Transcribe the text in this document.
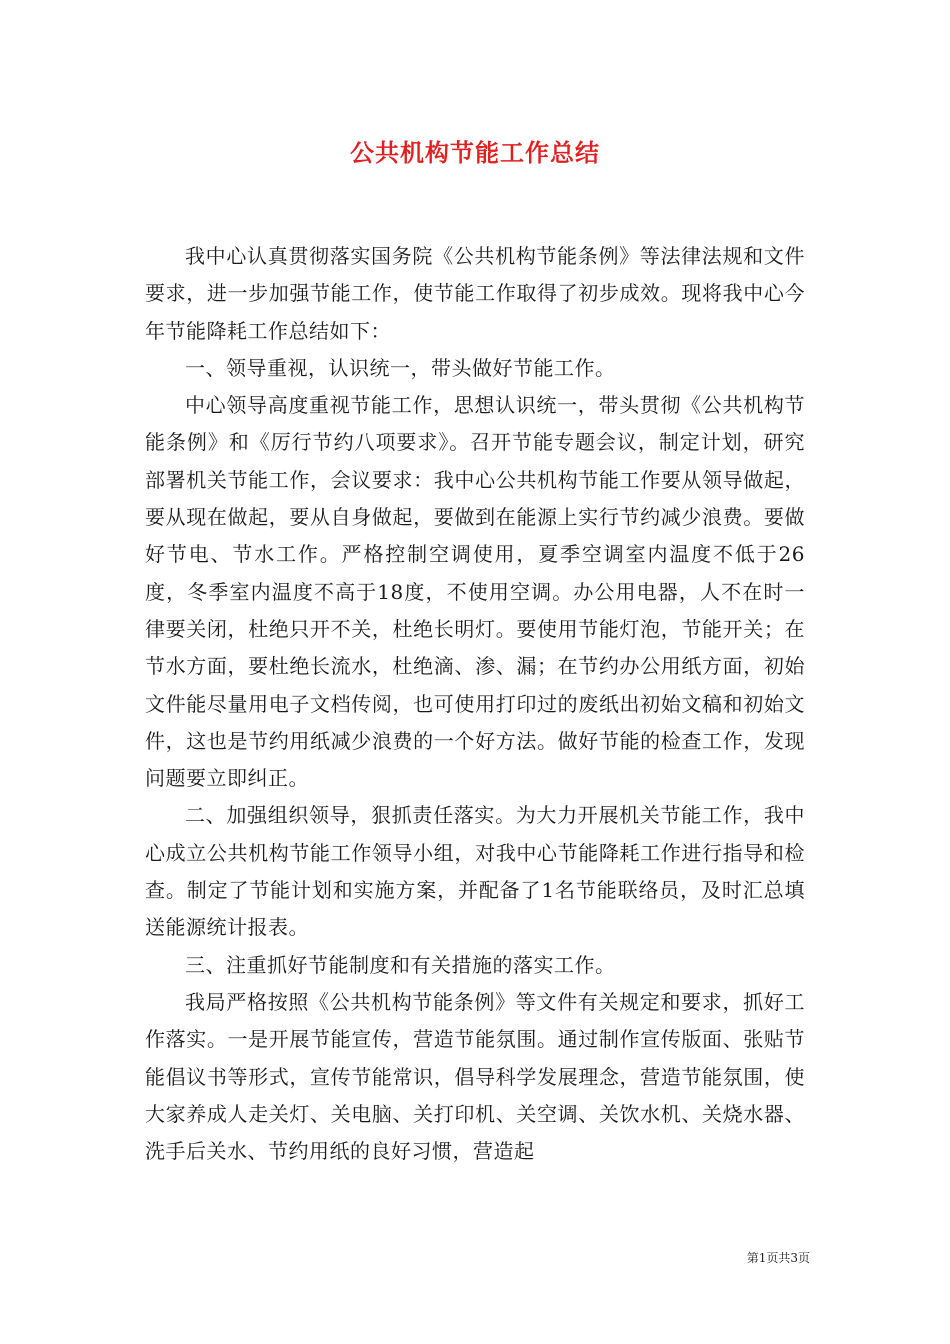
公共机构节能工作总结

我中心认真贯彻落实国务院《公共机构节能条例》等法律法规和文件要求，进一步加强节能工作，使节能工作取得了初步成效。现将我中心今年节能降耗工作总结如下：

一、领导重视，认识统一，带头做好节能工作。

中心领导高度重视节能工作，思想认识统一，带头贯彻《公共机构节能条例》和《厉行节约八项要求》。召开节能专题会议，制定计划，研究部署机关节能工作，会议要求：我中心公共机构节能工作要从领导做起，要从现在做起，要从自身做起，要做到在能源上实行节约减少浪费。要做好节电、节水工作。严格控制空调使用，夏季空调室内温度不低于26度，冬季室内温度不高于18度，不使用空调。办公用电器，人不在时一律要关闭，杜绝只开不关，杜绝长明灯。要使用节能灯泡，节能开关；在节水方面，要杜绝长流水，杜绝滴、渗、漏；在节约办公用纸方面，初始文件能尽量用电子文档传阅，也可使用打印过的废纸出初始文稿和初始文件，这也是节约用纸减少浪费的一个好方法。做好节能的检查工作，发现问题要立即纠正。

二、加强组织领导，狠抓责任落实。为大力开展机关节能工作，我中心成立公共机构节能工作领导小组，对我中心节能降耗工作进行指导和检查。制定了节能计划和实施方案，并配备了1名节能联络员，及时汇总填送能源统计报表。

三、注重抓好节能制度和有关措施的落实工作。

我局严格按照《公共机构节能条例》等文件有关规定和要求，抓好工作落实。一是开展节能宣传，营造节能氛围。通过制作宣传版面、张贴节能倡议书等形式，宣传节能常识，倡导科学发展理念，营造节能氛围，使大家养成人走关灯、关电脑、关打印机、关空调、关饮水机、关烧水器、洗手后关水、节约用纸的良好习惯，营造起

第1页共3页
